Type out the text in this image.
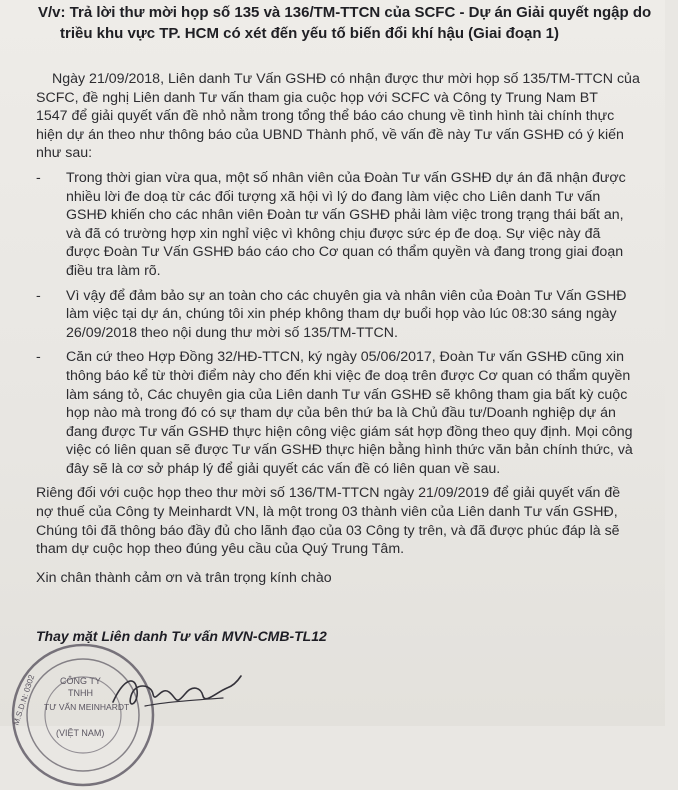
V/v: Trả lời thư mời họp số 135 và 136/TM-TTCN của SCFC - Dự án Giải quyết ngập do
triều khu vực TP. HCM có xét đến yếu tố biến đổi khí hậu (Giai đoạn 1)
Ngày 21/09/2018, Liên danh Tư Vấn GSHĐ có nhận được thư mời họp số 135/TM-TTCN của
SCFC, đề nghị Liên danh Tư vấn tham gia cuộc họp với SCFC và Công ty Trung Nam BT
1547 để giải quyết vấn đề nhỏ nằm trong tổng thể báo cáo chung về tình hình tài chính thực
hiện dự án theo như thông báo của UBND Thành phố, về vấn đề này Tư vấn GSHĐ có ý kiến
như sau:
- Trong thời gian vừa qua, một số nhân viên của Đoàn Tư vấn GSHĐ dự án đã nhận được
nhiều lời đe doạ từ các đối tượng xã hội vì lý do đang làm việc cho Liên danh Tư vấn
GSHĐ khiến cho các nhân viên Đoàn tư vấn GSHĐ phải làm việc trong trạng thái bất an,
và đã có trường hợp xin nghỉ việc vì không chịu được sức ép đe doạ. Sự việc này đã
được Đoàn Tư Vấn GSHĐ báo cáo cho Cơ quan có thẩm quyền và đang trong giai đoạn
điều tra làm rõ.
- Vì vậy để đảm bảo sự an toàn cho các chuyên gia và nhân viên của Đoàn Tư Vấn GSHĐ
làm việc tại dự án, chúng tôi xin phép không tham dự buổi họp vào lúc 08:30 sáng ngày
26/09/2018 theo nội dung thư mời số 135/TM-TTCN.
- Căn cứ theo Hợp Đồng 32/HĐ-TTCN, ký ngày 05/06/2017, Đoàn Tư vấn GSHĐ cũng xin
thông báo kể từ thời điểm này cho đến khi việc đe doạ trên được Cơ quan có thẩm quyền
làm sáng tỏ, Các chuyên gia của Liên danh Tư vấn GSHĐ sẽ không tham gia bất kỳ cuộc
họp nào mà trong đó có sự tham dự của bên thứ ba là Chủ đầu tư/Doanh nghiệp dự án
đang được Tư vấn GSHĐ thực hiện công việc giám sát hợp đồng theo quy định. Mọi công
việc có liên quan sẽ được Tư vấn GSHĐ thực hiện bằng hình thức văn bản chính thức, và
đây sẽ là cơ sở pháp lý để giải quyết các vấn đề có liên quan về sau.
Riêng đối với cuộc họp theo thư mời số 136/TM-TTCN ngày 21/09/2019 để giải quyết vấn đề
nợ thuế của Công ty Meinhardt VN, là một trong 03 thành viên của Liên danh Tư vấn GSHĐ,
Chúng tôi đã thông báo đầy đủ cho lãnh đạo của 03 Công ty trên, và đã được phúc đáp là sẽ
tham dự cuộc họp theo đúng yêu cầu của Quý Trung Tâm.
Xin chân thành cảm ơn và trân trọng kính chào
Thay mặt Liên danh Tư vấn MVN-CMB-TL12
CÔNG TY
TNHH
TƯ VẤN MEINHARDT
(VIỆT NAM)
M.S.D.N: 0302
